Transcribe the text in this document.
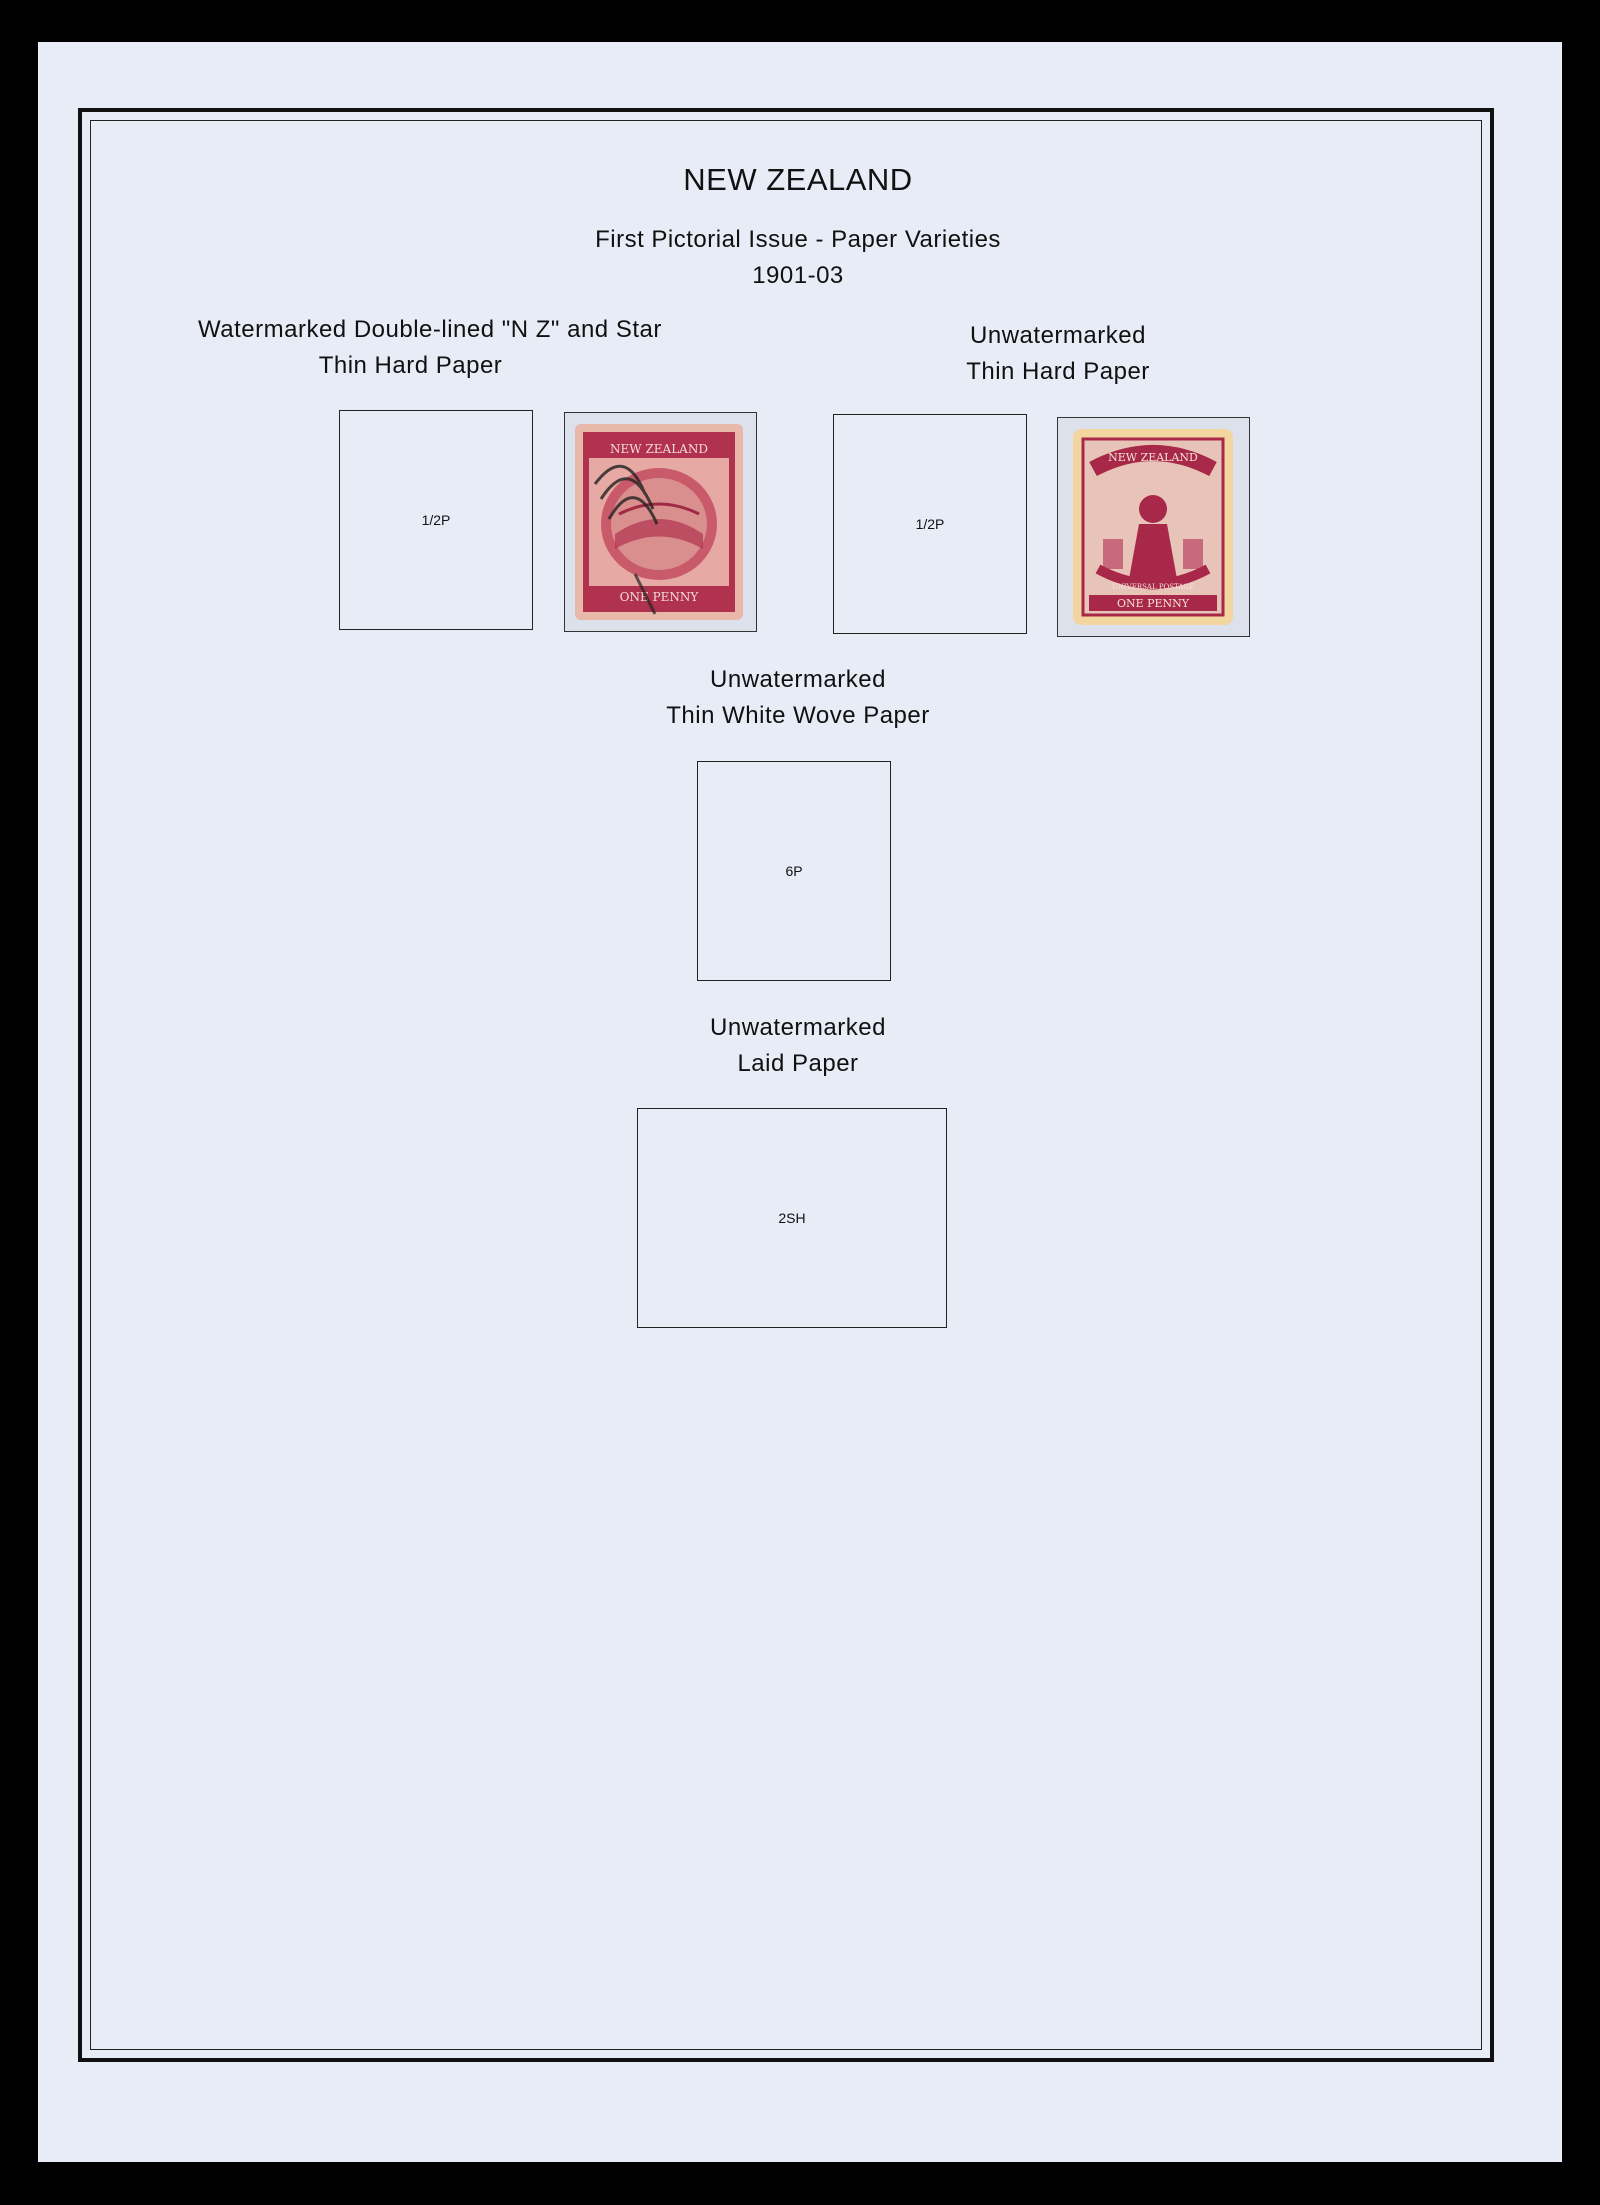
NEW ZEALAND
First Pictorial Issue - Paper Varieties
1901-03
Watermarked Double-lined "N Z" and Star
Thin Hard Paper
1/2P
NEW ZEALAND
ONE PENNY
Unwatermarked
Thin Hard Paper
1/2P
NEW ZEALAND
UNIVERSAL POSTAGE
ONE PENNY
Unwatermarked
Thin White Wove Paper
6P
Unwatermarked
Laid Paper
2SH
